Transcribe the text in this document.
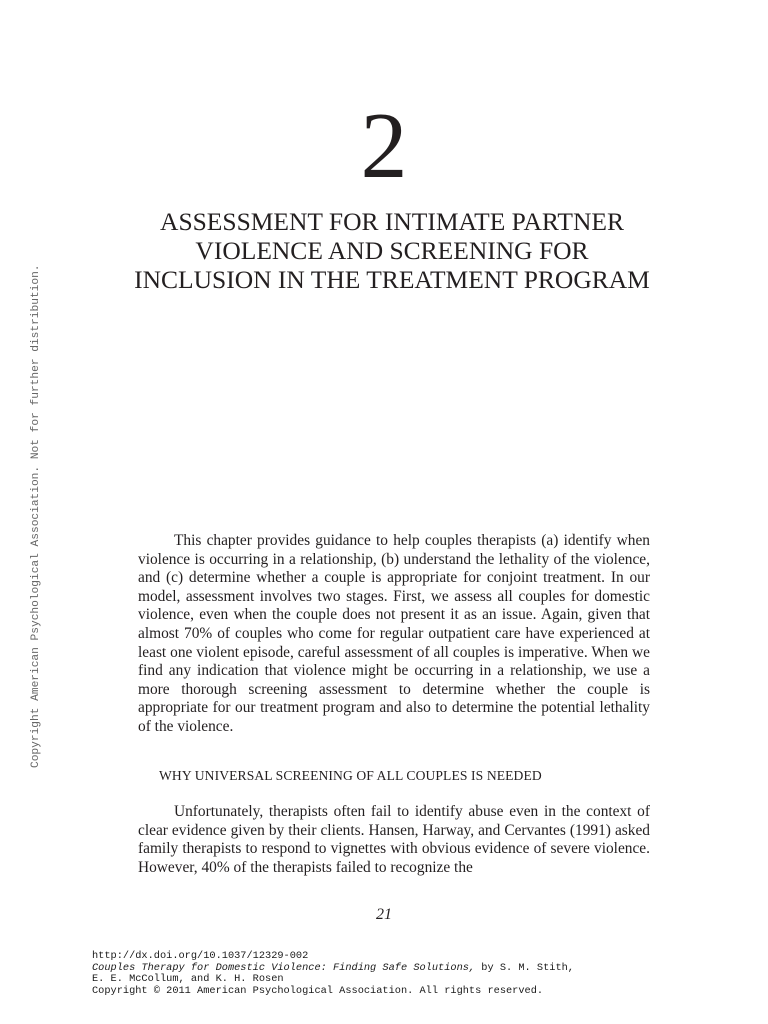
Copyright American Psychological Association. Not for further distribution.
2
ASSESSMENT FOR INTIMATE PARTNER VIOLENCE AND SCREENING FOR INCLUSION IN THE TREATMENT PROGRAM

This chapter provides guidance to help couples therapists (a) identify when violence is occurring in a relationship, (b) understand the lethality of the violence, and (c) determine whether a couple is appropriate for conjoint treatment. In our model, assessment involves two stages. First, we assess all couples for domestic violence, even when the couple does not present it as an issue. Again, given that almost 70% of couples who come for regular outpatient care have experienced at least one violent episode, careful assessment of all couples is imperative. When we find any indication that violence might be occurring in a relationship, we use a more thorough screening assessment to determine whether the couple is appropriate for our treatment program and also to determine the potential lethality of the violence.

WHY UNIVERSAL SCREENING OF ALL COUPLES IS NEEDED

Unfortunately, therapists often fail to identify abuse even in the context of clear evidence given by their clients. Hansen, Harway, and Cervantes (1991) asked family therapists to respond to vignettes with obvious evidence of severe violence. However, 40% of the therapists failed to recognize the

21
http://dx.doi.org/10.1037/12329-002
Couples Therapy for Domestic Violence: Finding Safe Solutions, by S. M. Stith,
E. E. McCollum, and K. H. Rosen
Copyright © 2011 American Psychological Association. All rights reserved.
